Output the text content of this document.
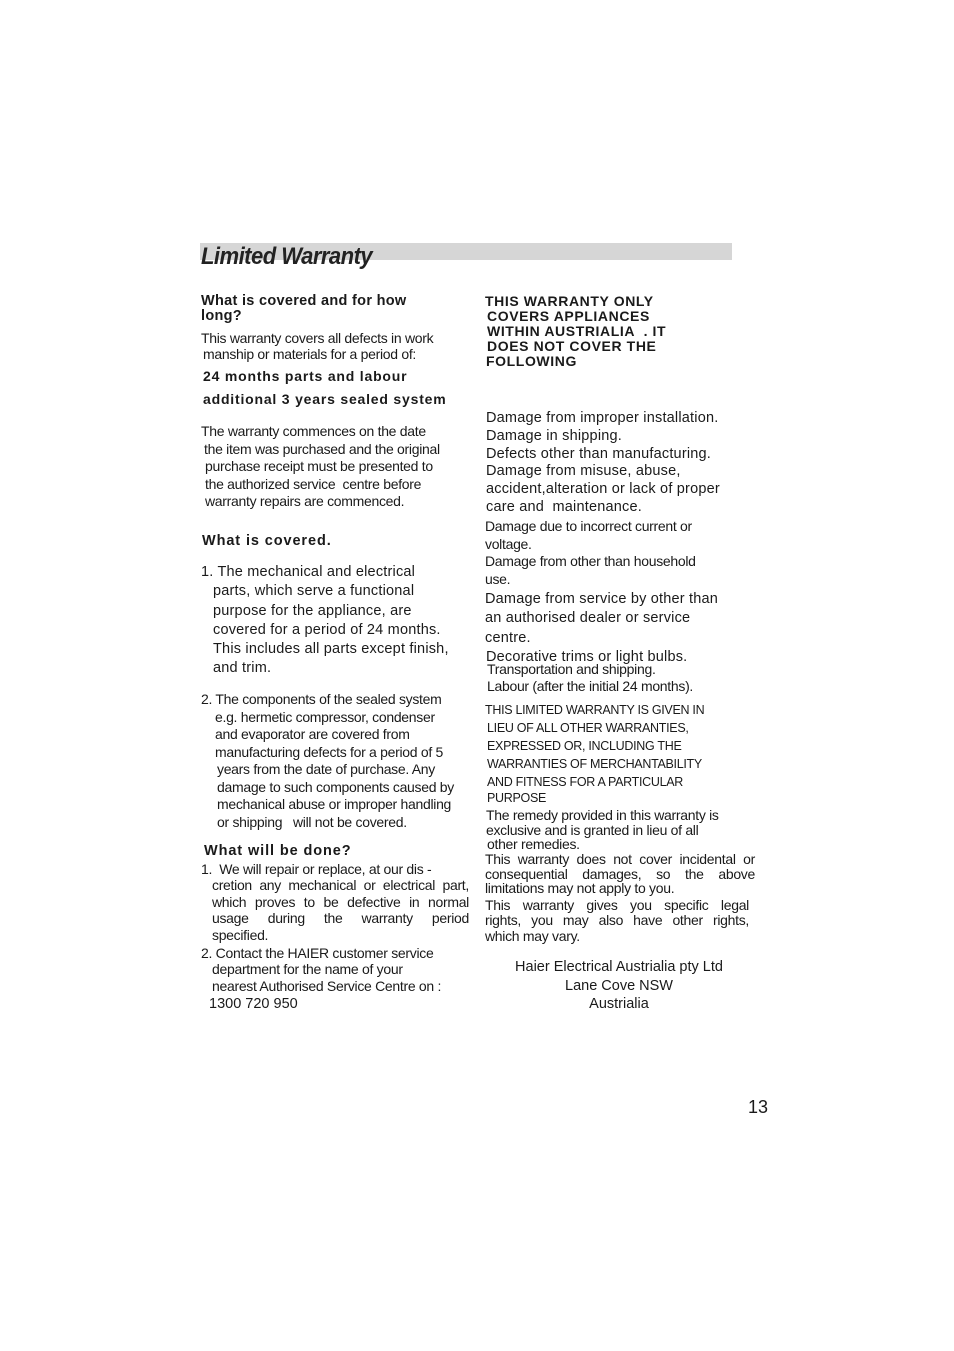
Limited Warranty
What is covered and for how
long?
This warranty covers all defects in work
manship or materials for a period of:
24 months parts and labour
additional 3 years sealed system
The warranty commences on the date
the item was purchased and the original
purchase receipt must be presented to
the authorized service  centre before
warranty repairs are commenced.
What is covered.
1. The mechanical and electrical
parts, which serve a functional
purpose for the appliance, are
covered for a period of 24 months.
This includes all parts except finish,
and trim.
2. The components of the sealed system
e.g. hermetic compressor, condenser
and evaporator are covered from
manufacturing defects for a period of 5
years from the date of purchase. Any
damage to such components caused by
mechanical abuse or improper handling
or shipping   will not be covered.
What will be done?
1.  We will repair or replace, at our dis -
cretion any mechanical or electrical part,
which proves to be defective in normal
usage during the warranty period
specified.
2. Contact the HAIER customer service
department for the name of your
nearest Authorised Service Centre on :
1300 720 950
THIS WARRANTY ONLY
COVERS APPLIANCES
WITHIN AUSTRIALIA  . IT
DOES NOT COVER THE
FOLLOWING
Damage from improper installation.
Damage in shipping.
Defects other than manufacturing.
Damage from misuse, abuse,
accident,alteration or lack of proper
care and  maintenance.
Damage due to incorrect current or
voltage.
Damage from other than household
use.
Damage from service by other than
an authorised dealer or service
centre.
Decorative trims or light bulbs.
Transportation and shipping.
Labour (after the initial 24 months).
THIS LIMITED WARRANTY IS GIVEN IN
LIEU OF ALL OTHER WARRANTIES,
EXPRESSED OR, INCLUDING THE
WARRANTIES OF MERCHANTABILITY
AND FITNESS FOR A PARTICULAR
PURPOSE
The remedy provided in this warranty is
exclusive and is granted in lieu of all
other remedies.
This warranty does not cover incidental or
consequential damages, so the above
limitations may not apply to you.
This warranty gives you specific legal
rights, you may also have other rights,
which may vary.
Haier Electrical Austrialia pty Ltd
Lane Cove NSW
Austrialia
13
